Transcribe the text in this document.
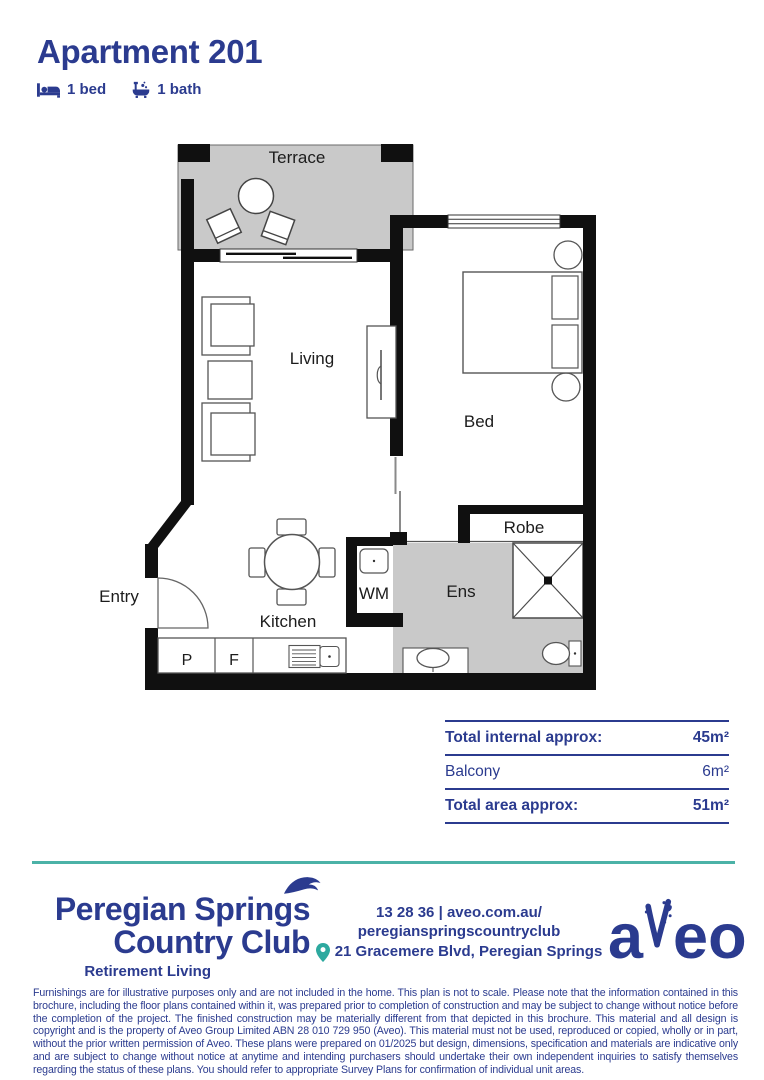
Apartment 201
1 bed	1 bath
Terrace
Living
Bed
Robe
Ens
WM
Kitchen
Entry
P F
Total internal approx:	45m²
Balcony	6m²
Total area approx:	51m²
Peregian Springs
Country Club
Retirement Living
13 28 36 | aveo.com.au/
peregianspringscountryclub
21 Gracemere Blvd, Peregian Springs a eo
Furnishings are for illustrative purposes only and are not included in the home. This plan is not to scale. Please note that the information contained in this brochure, including the floor plans contained within it, was prepared prior to completion of construction and may be subject to change without notice before the completion of the project. The finished construction may be materially different from that depicted in this brochure. This material and all design is copyright and is the property of Aveo Group Limited ABN 28 010 729 950 (Aveo). This material must not be used, reproduced or copied, wholly or in part, without the prior written permission of Aveo. These plans were prepared on 01/2025 but design, dimensions, specification and materials are indicative only and are subject to change without notice at anytime and intending purchasers should undertake their own independent inquiries to satisfy themselves regarding the status of these plans. You should refer to appropriate Survey Plans for confirmation of individual unit areas.
